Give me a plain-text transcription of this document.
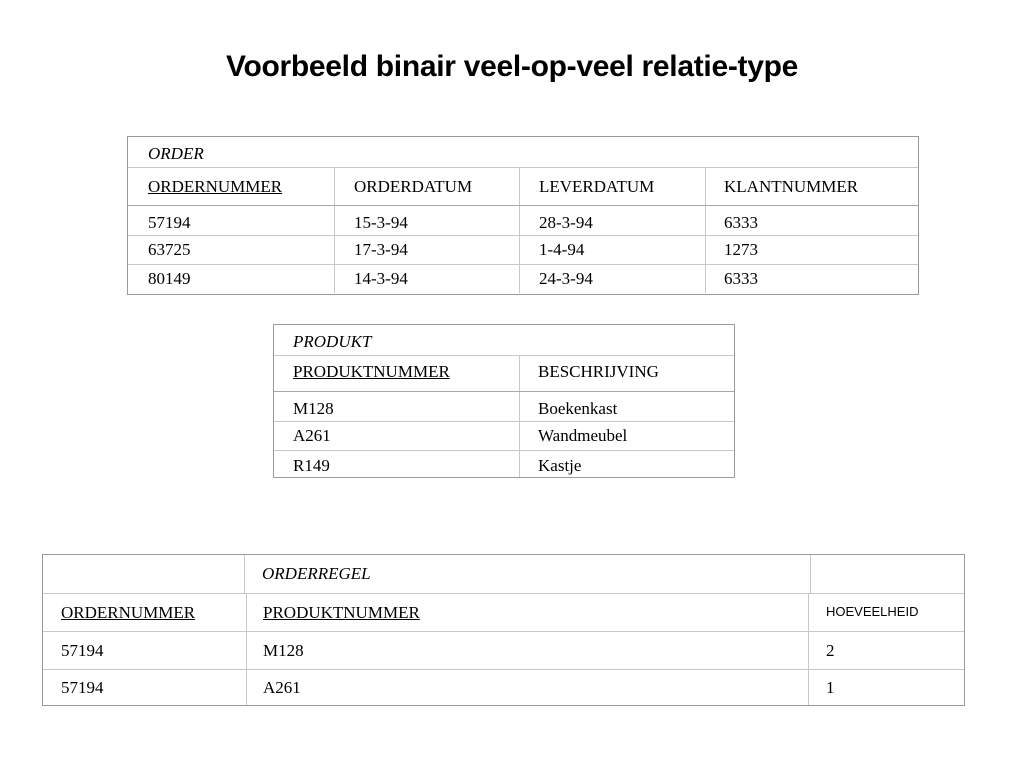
Voorbeeld binair veel-op-veel relatie-type
ORDER
ORDERNUMMER	ORDERDATUM	LEVERDATUM	KLANTNUMMER
57194	15-3-94	28-3-94	6333
63725	17-3-94	1-4-94	1273
80149	14-3-94	24-3-94	6333
PRODUKT
PRODUKTNUMMER	BESCHRIJVING
M128	Boekenkast
A261	Wandmeubel
R149	Kastje
ORDERREGEL
ORDERNUMMER	PRODUKTNUMMER	HOEVEELHEID
57194	M128	2
57194	A261	1
